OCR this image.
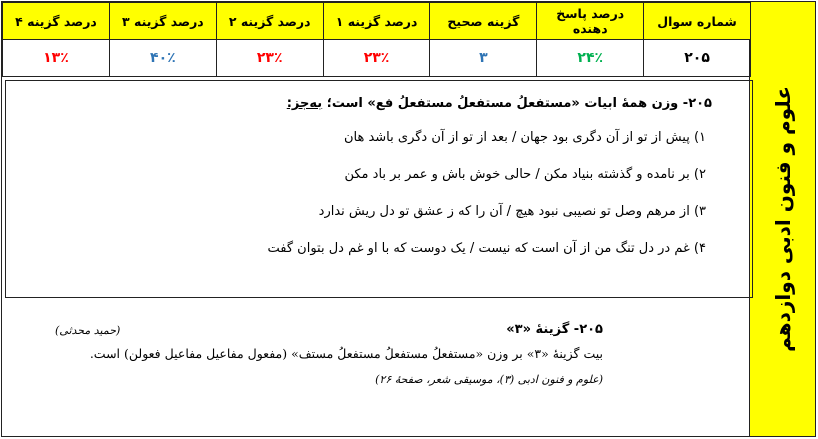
علوم و فنون ادبی دوازدهم
شماره سوال	درصد پاسخ دهنده	گزینه صحیح	درصد گزینه ۱	درصد گزینه ۲	درصد گزینه ۳	درصد گزینه ۴
۲۰۵	۲۴٪	۳	۲۳٪	۲۳٪	۴۰٪	۱۳٪
۲۰۵- وزن همهٔ ابیات «مستفعلُ مستفعلُ مستفعلُ فع» است؛ به‌جز:
۱) پیش از تو از آن دگری بود جهان / بعد از تو از آن دگری باشد هان
۲) بر نامده و گذشته بنیاد مکن / حالی خوش باش و عمر بر باد مکن
۳) از مرهم وصل تو نصیبی نبود هیچ / آن را که ز عشق تو دل ریش ندارد
۴) غم در دل تنگ من از آن است که نیست / یک دوست که با او غم دل بتوان گفت
۲۰۵- گزینهٔ «۳»
(حمید محدثی)
بیت گزینهٔ «۳» بر وزن «مستفعلُ مستفعلُ مستفعلُ مستف» (مفعول مفاعیل مفاعیل فعولن) است.
(علوم و فنون ادبی (۳)، موسیقی شعر، صفحهٔ ۲۶)
